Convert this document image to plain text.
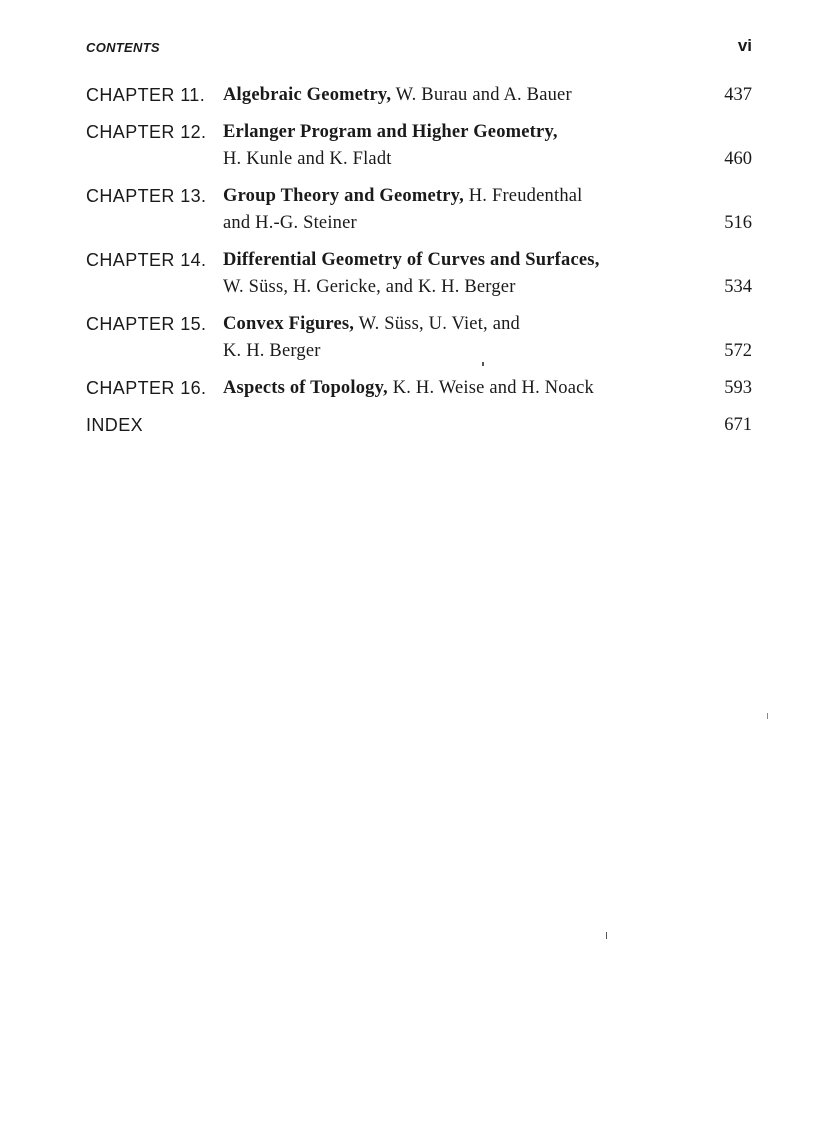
CONTENTS	vi
CHAPTER 11. Algebraic Geometry, W. Burau and A. Bauer	437
CHAPTER 12. Erlanger Program and Higher Geometry,
H. Kunle and K. Fladt	460
CHAPTER 13. Group Theory and Geometry, H. Freudenthal
and H.-G. Steiner	516
CHAPTER 14. Differential Geometry of Curves and Surfaces,
W. Süss, H. Gericke, and K. H. Berger	534
CHAPTER 15. Convex Figures, W. Süss, U. Viet, and
K. H. Berger	572
CHAPTER 16. Aspects of Topology, K. H. Weise and H. Noack	593
INDEX	671
